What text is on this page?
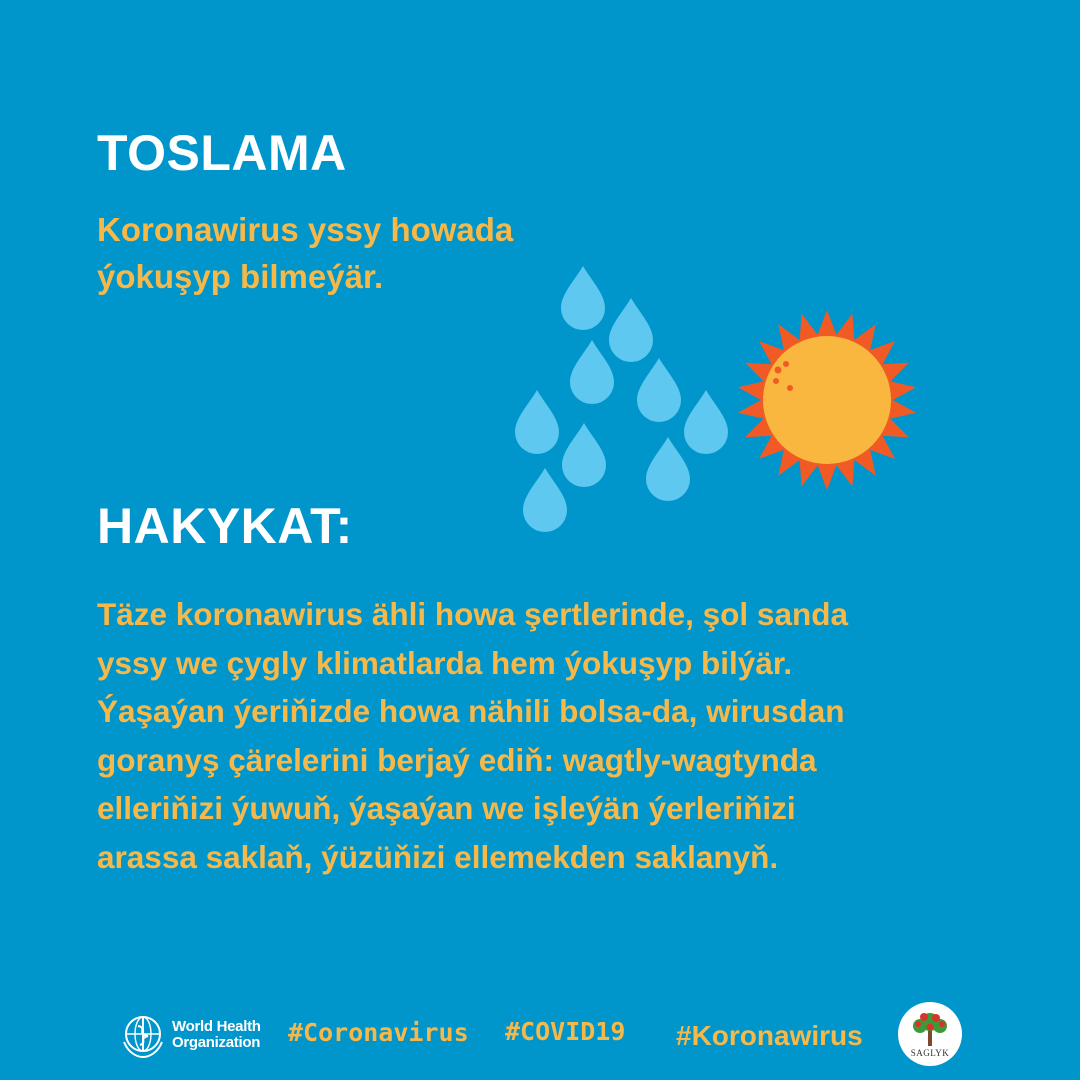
TOSLAMA

Koronawirus yssy howada
ýokuşyp bilmeýär.

HAKYKAT:

Täze koronawirus ähli howa şertlerinde, şol sanda
yssy we çygly klimatlarda hem ýokuşyp bilýär.
Ýaşaýan ýeriňizde howa nähili bolsa-da, wirusdan
goranyş çärelerini berjaý ediň: wagtly-wagtynda
elleriňizi ýuwuň, ýaşaýan we işleýän ýerleriňizi
arassa saklaň, ýüzüňizi ellemekden saklanyň.

World Health
Organization #Coronavirus #COVID19 #Koronawirus
SAGLYK
